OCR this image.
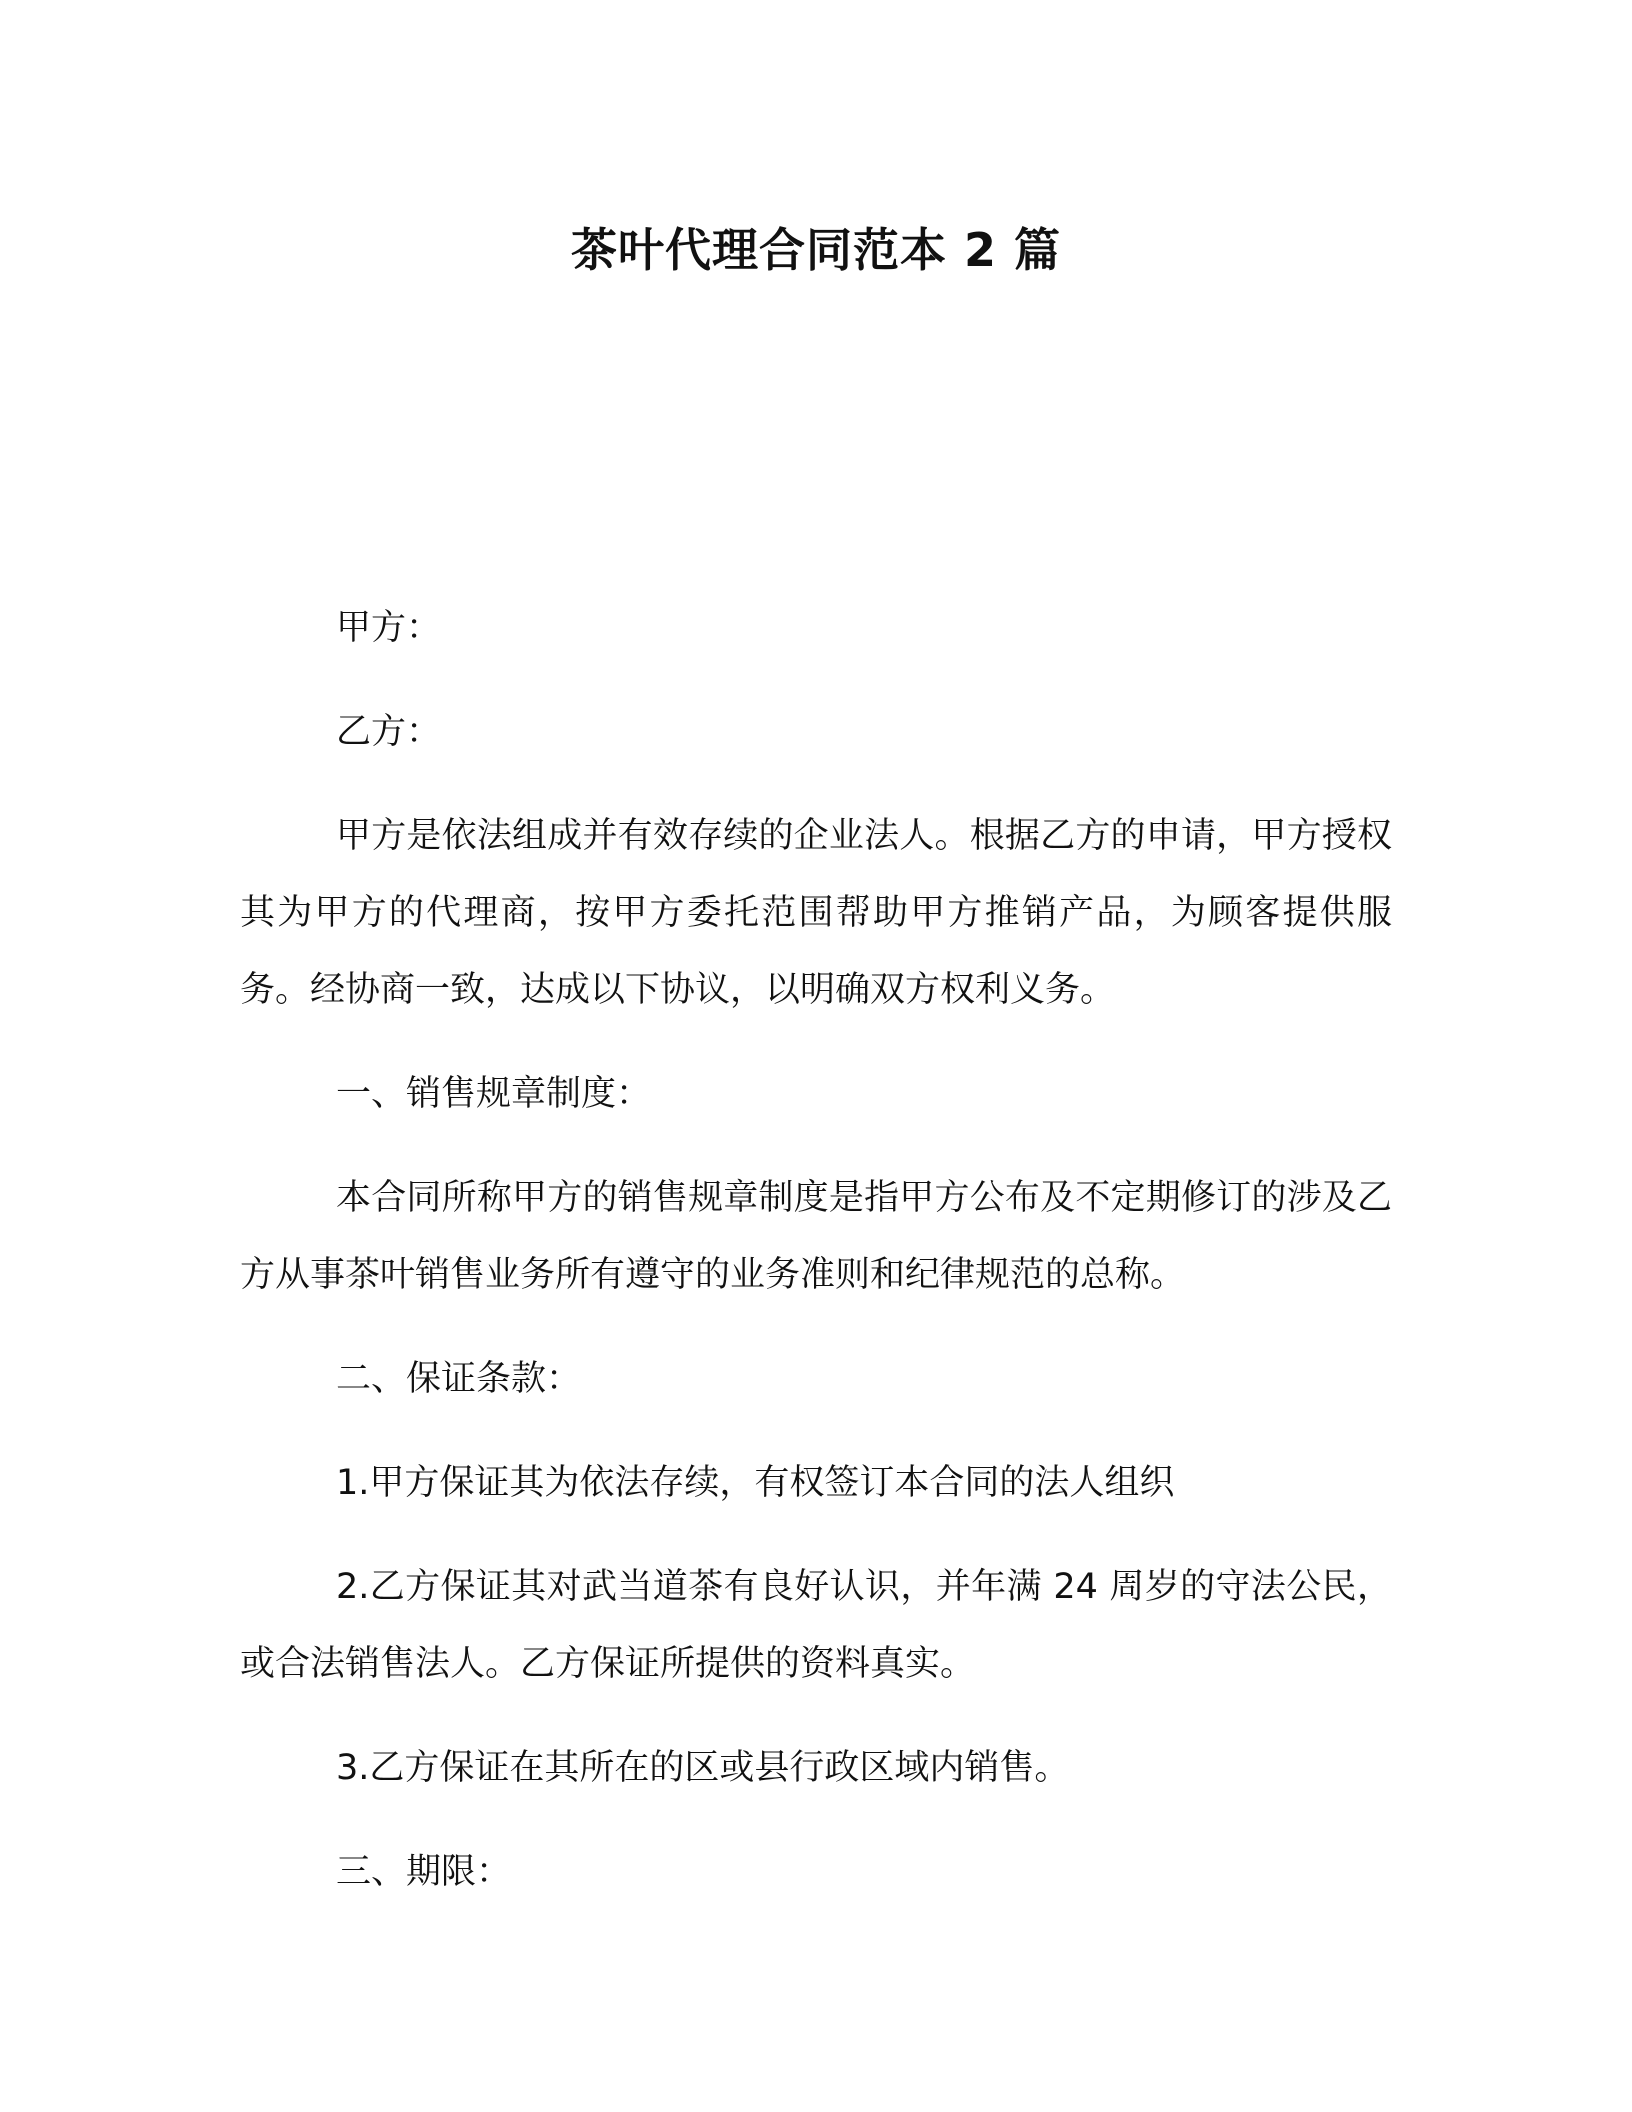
茶叶代理合同范本 2 篇

甲方：

乙方：

甲方是依法组成并有效存续的企业法人。根据乙方的申请，甲方授权其为甲方的代理商，按甲方委托范围帮助甲方推销产品，为顾客提供服务。经协商一致，达成以下协议，以明确双方权利义务。

一、销售规章制度：

本合同所称甲方的销售规章制度是指甲方公布及不定期修订的涉及乙方从事茶叶销售业务所有遵守的业务准则和纪律规范的总称。

二、保证条款：

1.甲方保证其为依法存续，有权签订本合同的法人组织

2.乙方保证其对武当道茶有良好认识，并年满 24 周岁的守法公民，或合法销售法人。乙方保证所提供的资料真实。

3.乙方保证在其所在的区或县行政区域内销售。

三、期限：
